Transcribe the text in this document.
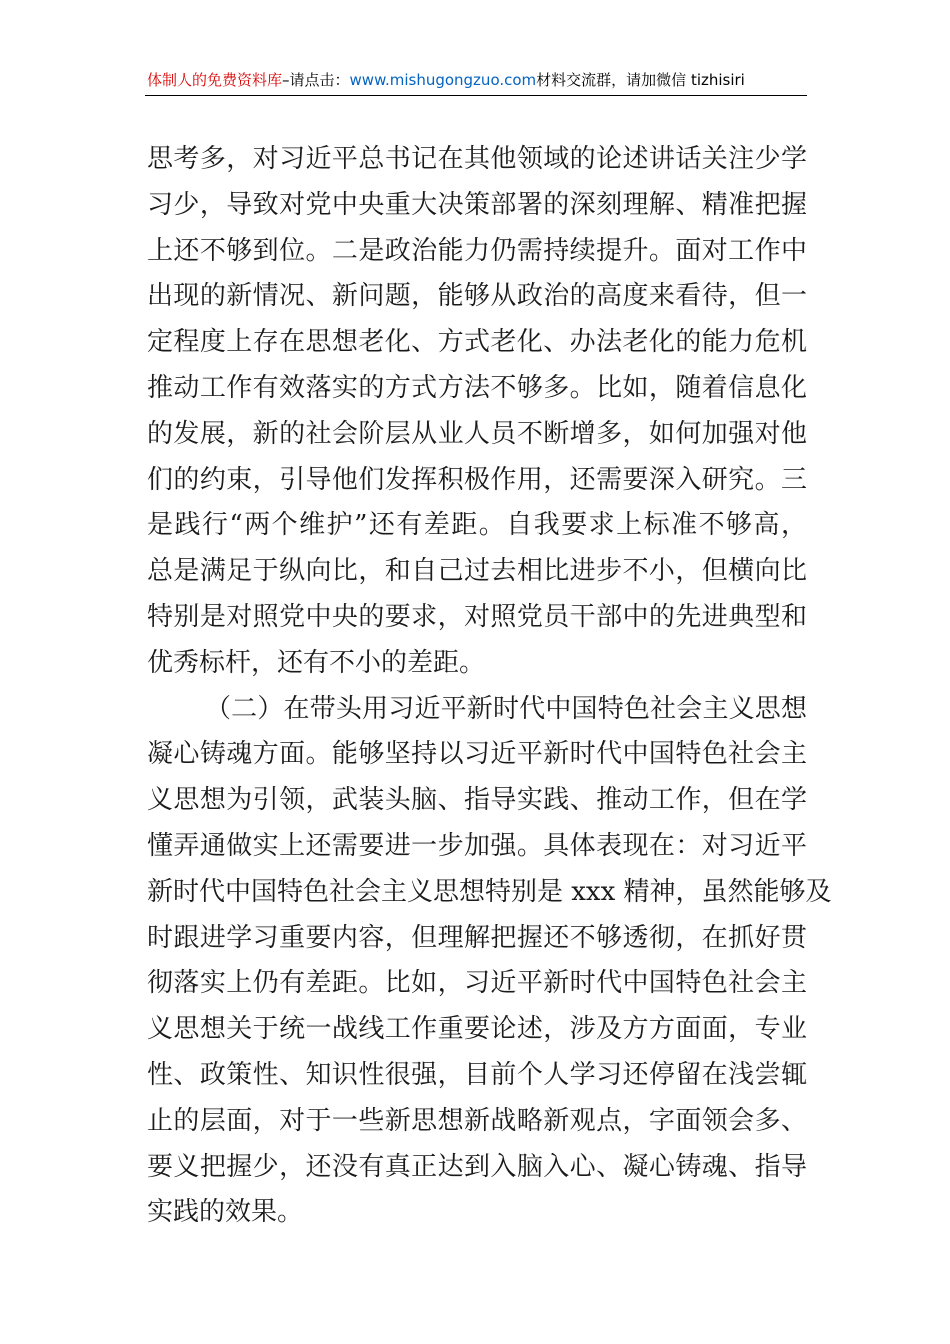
体制人的免费资料库–请点击：www.mishugongzuo.com材料交流群，请加微信 tizhisiri
思考多，对习近平总书记在其他领域的论述讲话关注少学
习少，导致对党中央重大决策部署的深刻理解、精准把握
上还不够到位。二是政治能力仍需持续提升。面对工作中
出现的新情况、新问题，能够从政治的高度来看待，但一
定程度上存在思想老化、方式老化、办法老化的能力危机
推动工作有效落实的方式方法不够多。比如，随着信息化
的发展，新的社会阶层从业人员不断增多，如何加强对他
们的约束，引导他们发挥积极作用，还需要深入研究。三
是践行“两个维护”还有差距。自我要求上标准不够高，
总是满足于纵向比，和自己过去相比进步不小，但横向比
特别是对照党中央的要求，对照党员干部中的先进典型和
优秀标杆，还有不小的差距。
（二）在带头用习近平新时代中国特色社会主义思想
凝心铸魂方面。能够坚持以习近平新时代中国特色社会主
义思想为引领，武装头脑、指导实践、推动工作，但在学
懂弄通做实上还需要进一步加强。具体表现在：对习近平
新时代中国特色社会主义思想特别是 xxx 精神，虽然能够及
时跟进学习重要内容，但理解把握还不够透彻，在抓好贯
彻落实上仍有差距。比如，习近平新时代中国特色社会主
义思想关于统一战线工作重要论述，涉及方方面面，专业
性、政策性、知识性很强，目前个人学习还停留在浅尝辄
止的层面，对于一些新思想新战略新观点，字面领会多、
要义把握少，还没有真正达到入脑入心、凝心铸魂、指导
实践的效果。
